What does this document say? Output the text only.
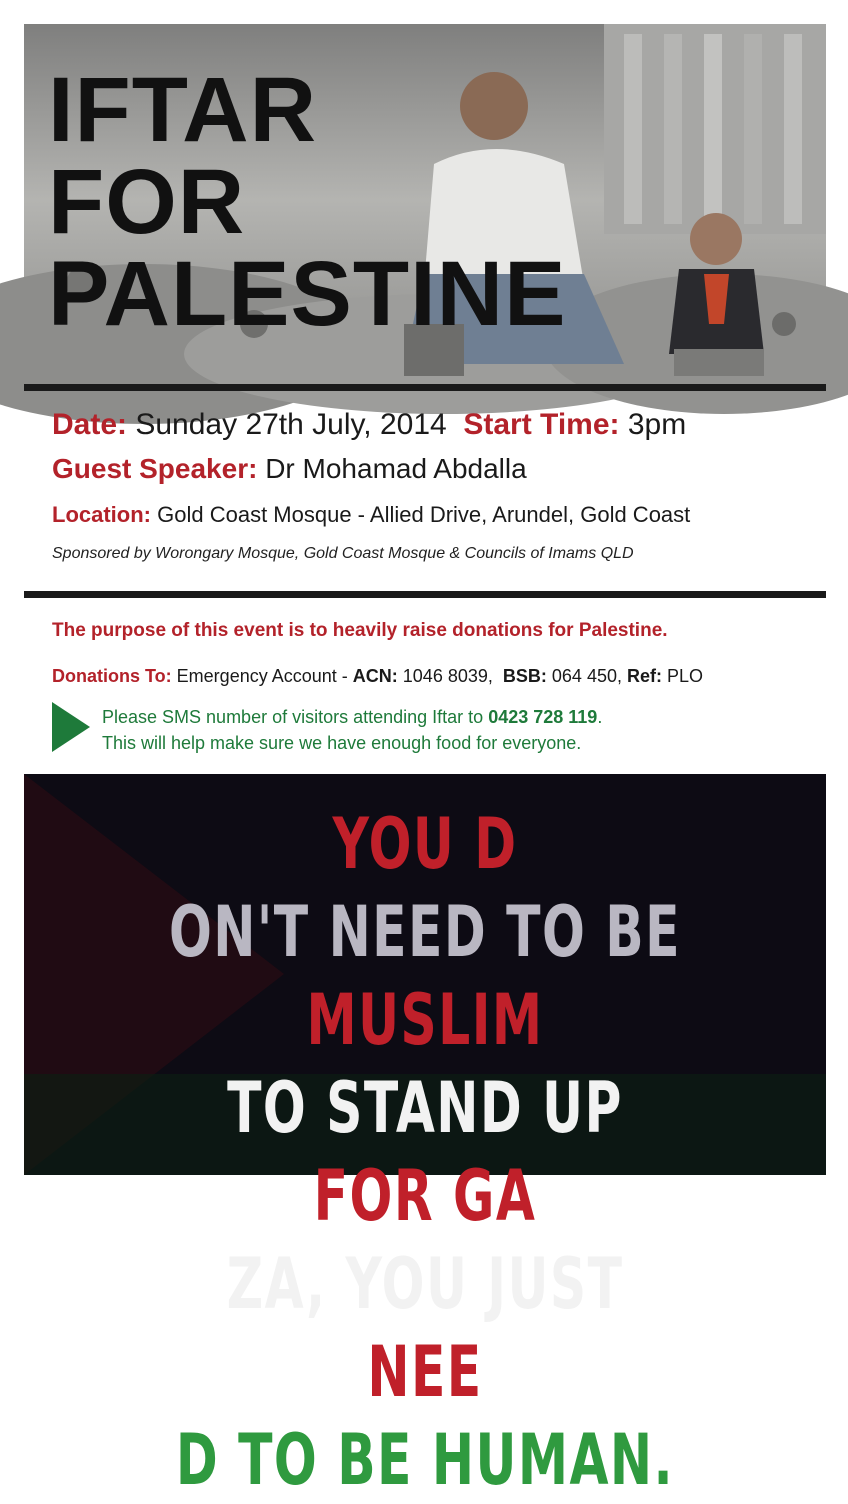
IFTAR
FOR
PALESTINE
Date: Sunday 27th July, 2014 Start Time: 3pm
Guest Speaker: Dr Mohamad Abdalla
Location: Gold Coast Mosque - Allied Drive, Arundel, Gold Coast
Sponsored by Worongary Mosque, Gold Coast Mosque & Councils of Imams QLD
The purpose of this event is to heavily raise donations for Palestine.
Donations To: Emergency Account - ACN: 1046 8039, BSB: 064 450, Ref: PLO
Please SMS number of visitors attending Iftar to 0423 728 119.
This will help make sure we have enough food for everyone.
YOU D
ON'T NEED TO BE
MUSLIM
TO STAND UP
FOR GA
ZA, YOU JUST
NEE
D TO BE HUMAN.
